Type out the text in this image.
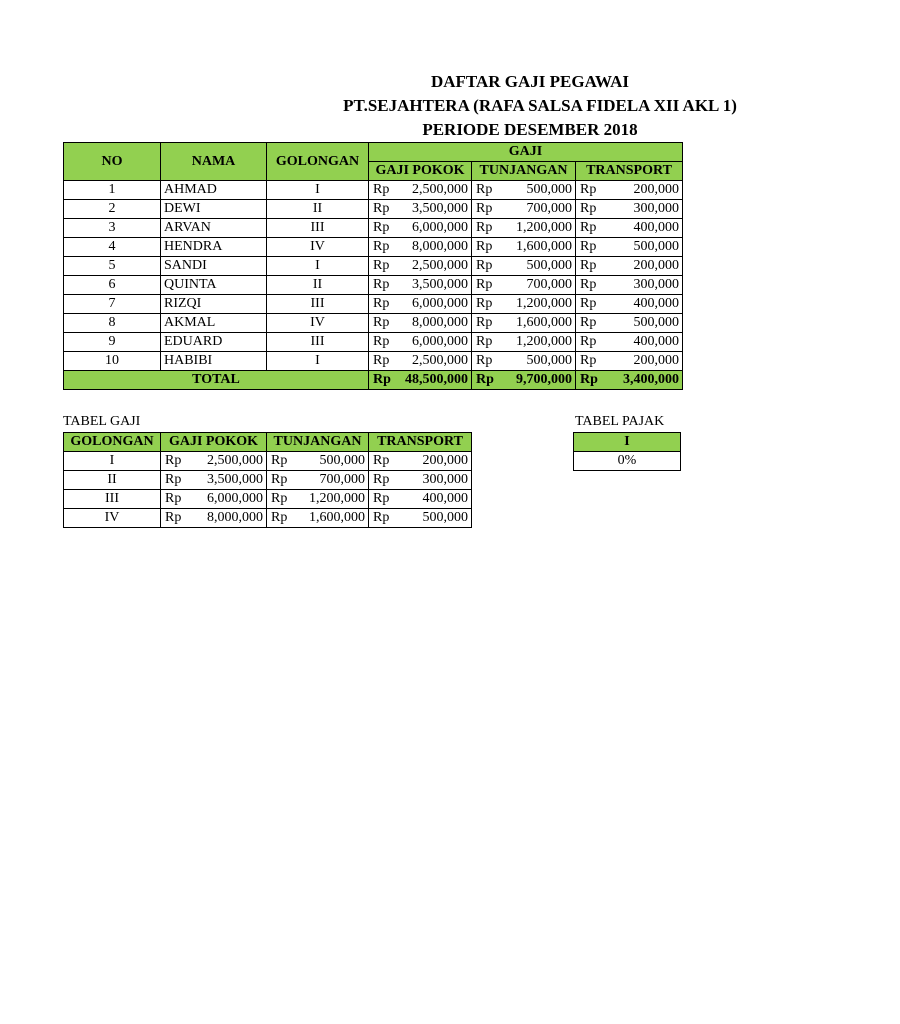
DAFTAR GAJI PEGAWAI
PT.SEJAHTERA (RAFA SALSA FIDELA XII AKL 1)
PERIODE DESEMBER 2018
NO	NAMA	GOLONGAN	GAJI		
			GAJI POKOK	TUNJANGAN	TRANSPORT
1	AHMAD	I	Rp 2,500,000	Rp 500,000	Rp 200,000

2	DEWI	II	Rp 3,500,000	Rp 700,000	Rp 300,000

3	ARVAN	III	Rp 6,000,000	Rp 1,200,000	Rp 400,000

4	HENDRA	IV	Rp 8,000,000	Rp 1,600,000	Rp 500,000

5	SANDI	I	Rp 2,500,000	Rp 500,000	Rp 200,000

6	QUINTA	II	Rp 3,500,000	Rp 700,000	Rp 300,000

7	RIZQI	III	Rp 6,000,000	Rp 1,200,000	Rp 400,000

8	AKMAL	IV	Rp 8,000,000	Rp 1,600,000	Rp 500,000

9	EDUARD	III	Rp 6,000,000	Rp 1,200,000	Rp 400,000

10	HABIBI	I	Rp 2,500,000	Rp 500,000	Rp 200,000

TOTAL			Rp 48,500,000	Rp 9,700,000	Rp 3,400,000
TABEL GAJI
GOLONGAN	GAJI POKOK	TUNJANGAN	TRANSPORT
I	Rp 2,500,000	Rp 500,000	Rp 200,000

II	Rp 3,500,000	Rp 700,000	Rp 300,000

III	Rp 6,000,000	Rp 1,200,000	Rp 400,000

IV	Rp 8,000,000	Rp 1,600,000	Rp 500,000
TABEL PAJAK
I
0%
